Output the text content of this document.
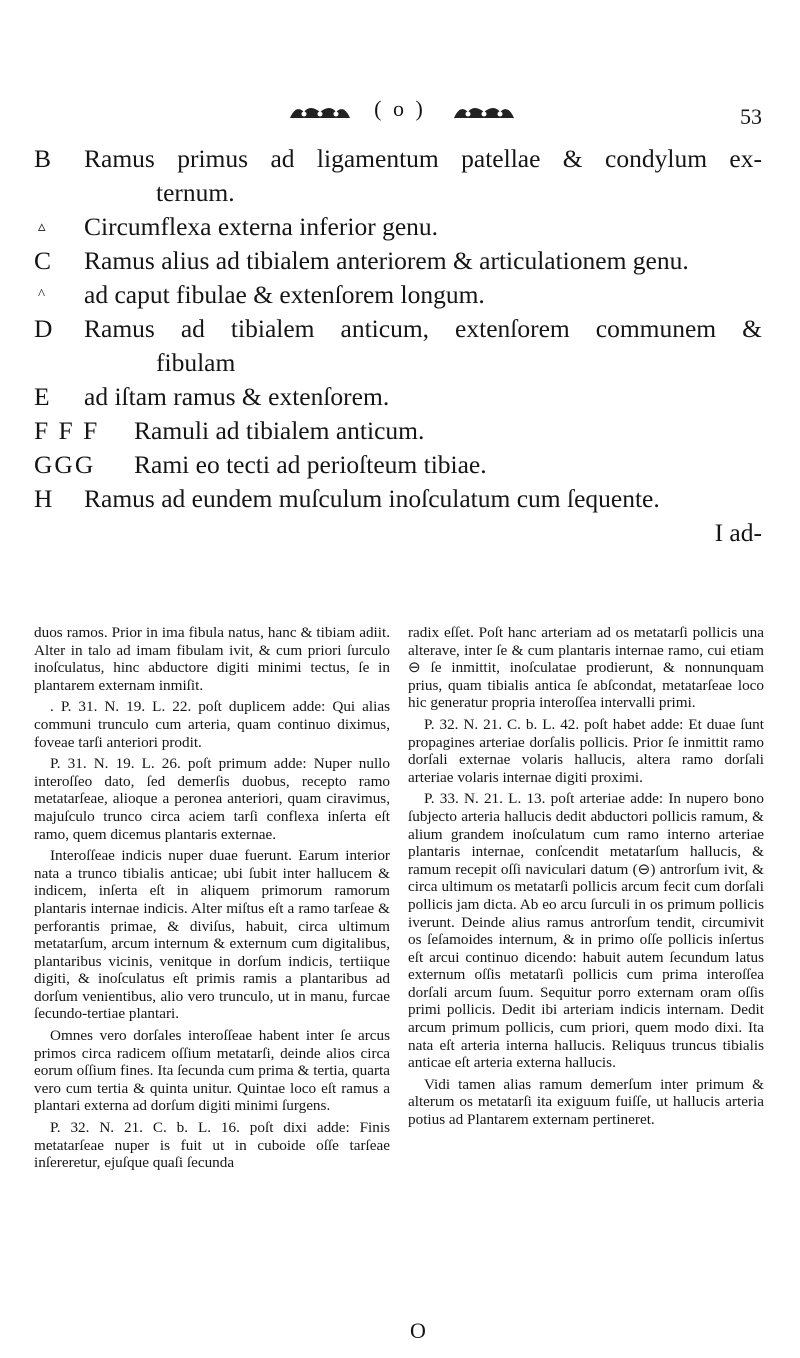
( o )	53
B Ramus primus ad ligamentum patellae & condylum ex-
ternum.
▵ Circumflexa externa inferior genu.
C Ramus alius ad tibialem anteriorem & articulationem genu.
^ ad caput fibulae & extenſorem longum.
D Ramus ad tibialem anticum, extenſorem communem &
fibulam
E ad iſtam ramus & extenſorem.
F F F Ramuli ad tibialem anticum.
GGG Rami eo tecti ad perioſteum tibiae.
H Ramus ad eundem muſculum inoſculatum cum ſequente.
I ad-

duos ramos. Prior in ima fibula natus, hanc & tibiam adiit. Alter in talo ad imam fibulam ivit, & cum priori ſurculo inoſculatus, hinc abductore digiti minimi tectus, ſe in plantarem externam inmiſit.

. P. 31. N. 19. L. 22. poſt duplicem adde: Qui alias communi trunculo cum arteria, quam continuo diximus, foveae tarſi anteriori prodit.

P. 31. N. 19. L. 26. poſt primum adde: Nuper nullo interoſſeo dato, ſed demerſis duobus, recepto ramo metatarſeae, alioque a peronea anteriori, quam ciravimus, majuſculo trunco circa aciem tarſi conflexa inſerta eſt ramo, quem dicemus plantaris externae.

Interoſſeae indicis nuper duae fuerunt. Earum interior nata a trunco tibialis anticae; ubi ſubit inter hallucem & indicem, inſerta eſt in aliquem primorum ramorum plantaris internae indicis. Alter miſtus eſt a ramo tarſeae & perforantis primae, & diviſus, habuit, circa ultimum metatarſum, arcum internum & externum cum digitalibus, plantaribus vicinis, venitque in dorſum indicis, tertiique digiti, & inoſculatus eſt primis ramis a plantaribus ad dorſum venientibus, alio vero trunculo, ut in manu, furcae ſecundo-tertiae plantari.

Omnes vero dorſales interoſſeae habent inter ſe arcus primos circa radicem oſſium metatarſi, deinde alios circa eorum oſſium fines. Ita ſecunda cum prima & tertia, quarta vero cum tertia & quinta unitur. Quintae loco eſt ramus a plantari externa ad dorſum digiti minimi ſurgens.

P. 32. N. 21. C. b. L. 16. poſt dixi adde: Finis metatarſeae nuper is fuit ut in cuboide oſſe tarſeae inſereretur, ejuſque quaſi ſecunda

radix eſſet. Poſt hanc arteriam ad os metatarſi pollicis una alterave, inter ſe & cum plantaris internae ramo, cui etiam ⊖ ſe inmittit, inoſculatae prodierunt, & nonnunquam prius, quam tibialis antica ſe abſcondat, metatarſeae loco hic generatur propria interoſſea intervalli primi.

P. 32. N. 21. C. b. L. 42. poſt habet adde: Et duae ſunt propagines arteriae dorſalis pollicis. Prior ſe inmittit ramo dorſali externae volaris hallucis, altera ramo dorſali arteriae volaris internae digiti proximi.

P. 33. N. 21. L. 13. poſt arteriae adde: In nupero bono ſubjecto arteria hallucis dedit abductori pollicis ramum, & alium grandem inoſculatum cum ramo interno arteriae plantaris internae, conſcendit metatarſum hallucis, & ramum recepit oſſi naviculari datum (⊖) antrorſum ivit, & circa ultimum os metatarſi pollicis arcum fecit cum dorſali pollicis jam dicta. Ab eo arcu ſurculi in os primum pollicis iverunt. Deinde alius ramus antrorſum tendit, circumivit os ſeſamoides internum, & in primo oſſe pollicis inſertus eſt arcui continuo dicendo: habuit autem ſecundum latus externum oſſis metatarſi pollicis cum prima interoſſea dorſali arcum ſuum. Sequitur porro externam oram oſſis primi pollicis. Dedit ibi arteriam indicis internam. Dedit arcum primum pollicis, cum priori, quem modo dixi. Ita nata eſt arteria interna hallucis. Reliquus truncus tibialis anticae eſt arteria externa hallucis.

Vidi tamen alias ramum demerſum inter primum & alterum os metatarſi ita exiguum fuiſſe, ut hallucis arteria potius ad Plantarem externam pertineret.

O
